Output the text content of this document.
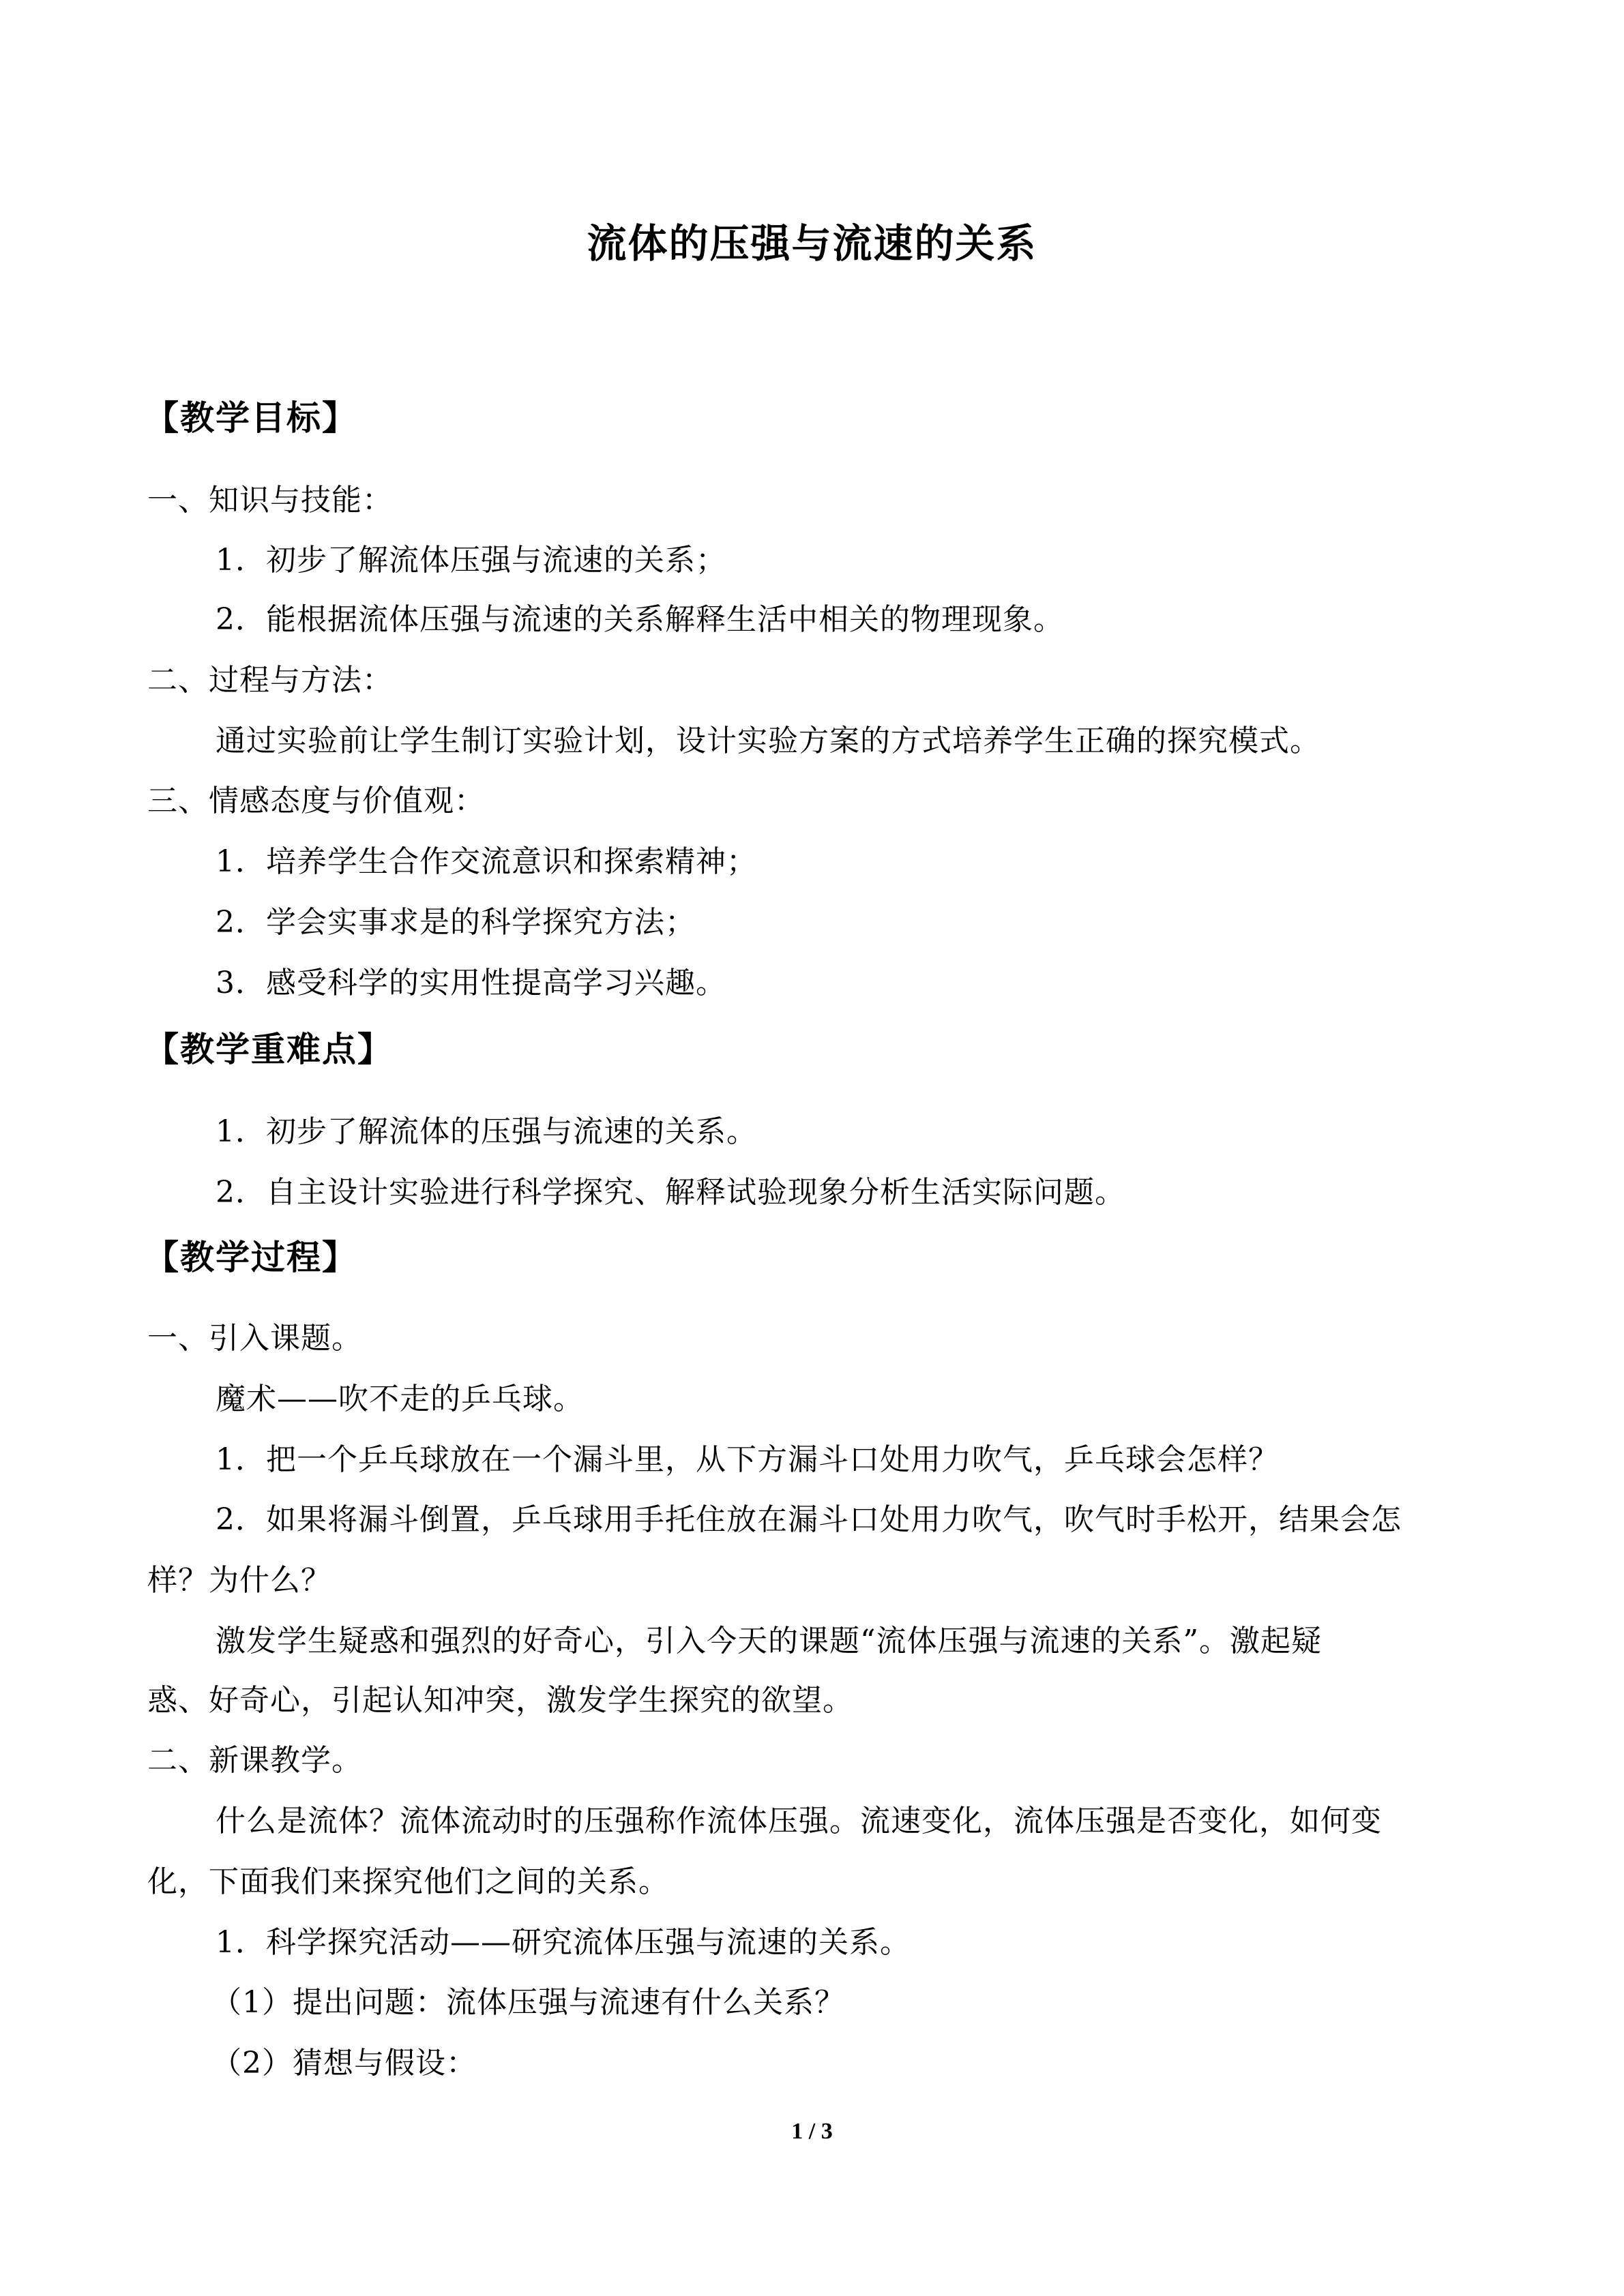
流体的压强与流速的关系
【教学目标】
一、知识与技能：
1．初步了解流体压强与流速的关系；
2．能根据流体压强与流速的关系解释生活中相关的物理现象。
二、过程与方法：
通过实验前让学生制订实验计划，设计实验方案的方式培养学生正确的探究模式。
三、情感态度与价值观：
1．培养学生合作交流意识和探索精神；
2．学会实事求是的科学探究方法；
3．感受科学的实用性提高学习兴趣。
【教学重难点】
1．初步了解流体的压强与流速的关系。
2．自主设计实验进行科学探究、解释试验现象分析生活实际问题。
【教学过程】
一、引入课题。
魔术——吹不走的乒乓球。
1．把一个乒乓球放在一个漏斗里，从下方漏斗口处用力吹气，乒乓球会怎样？
2．如果将漏斗倒置，乒乓球用手托住放在漏斗口处用力吹气，吹气时手松开，结果会怎
样？为什么？
激发学生疑惑和强烈的好奇心，引入今天的课题“流体压强与流速的关系”。激起疑
惑、好奇心，引起认知冲突，激发学生探究的欲望。
二、新课教学。
什么是流体？流体流动时的压强称作流体压强。流速变化，流体压强是否变化，如何变
化，下面我们来探究他们之间的关系。
1．科学探究活动——研究流体压强与流速的关系。
（1）提出问题：流体压强与流速有什么关系？
（2）猜想与假设：
1 / 3
